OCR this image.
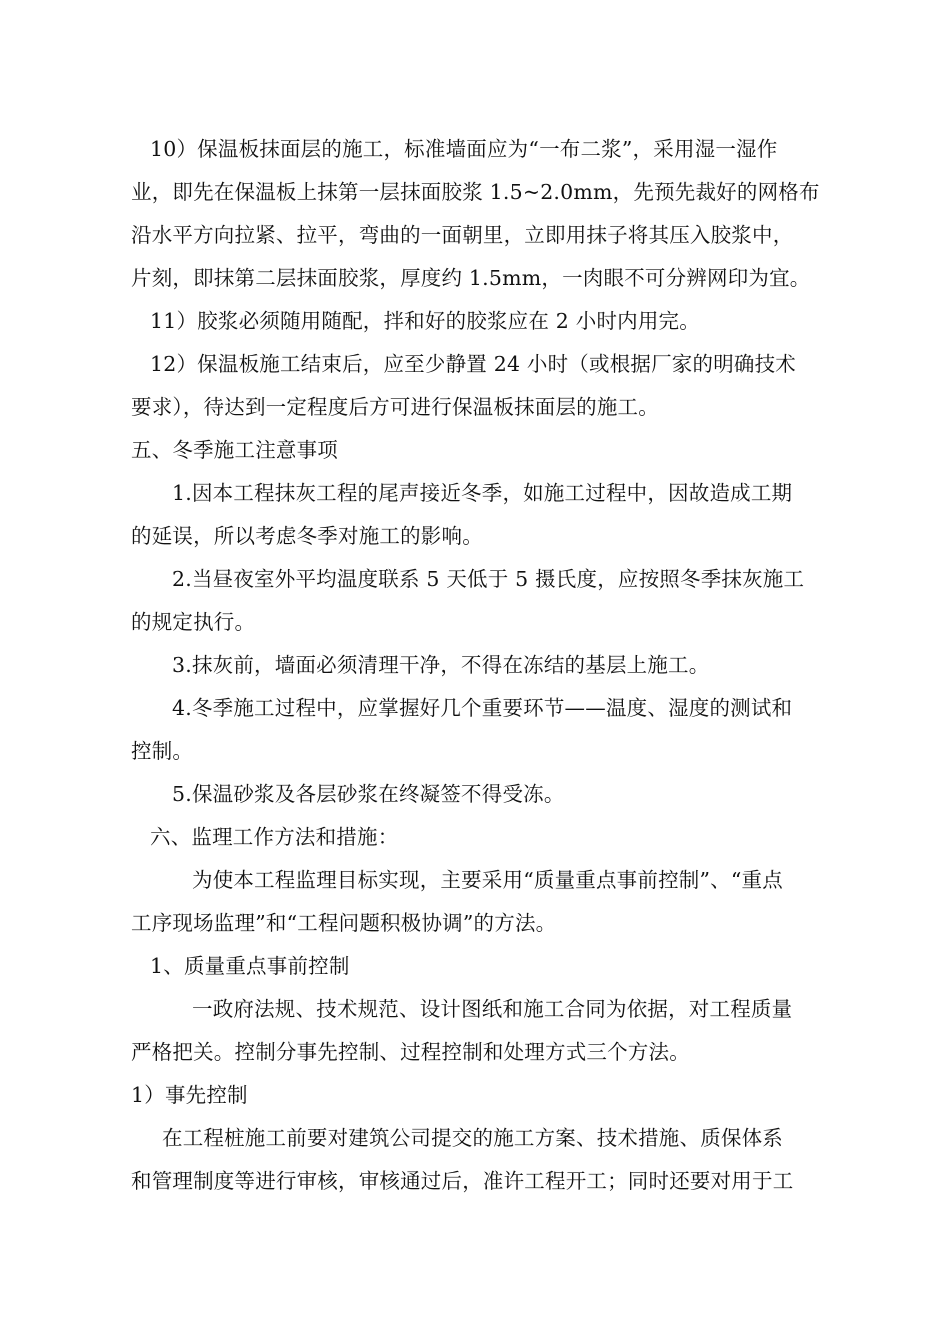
10）保温板抹面层的施工，标准墙面应为“一布二浆”，采用湿一湿作
业，即先在保温板上抹第一层抹面胶浆 1.5~2.0mm，先预先裁好的网格布
沿水平方向拉紧、拉平，弯曲的一面朝里，立即用抹子将其压入胶浆中，
片刻，即抹第二层抹面胶浆，厚度约 1.5mm，一肉眼不可分辨网印为宜。
11）胶浆必须随用随配，拌和好的胶浆应在 2 小时内用完。
12）保温板施工结束后，应至少静置 24 小时（或根据厂家的明确技术
要求），待达到一定程度后方可进行保温板抹面层的施工。
五、冬季施工注意事项
1.因本工程抹灰工程的尾声接近冬季，如施工过程中，因故造成工期
的延误，所以考虑冬季对施工的影响。
2.当昼夜室外平均温度联系 5 天低于 5 摄氏度，应按照冬季抹灰施工
的规定执行。
3.抹灰前，墙面必须清理干净，不得在冻结的基层上施工。
4.冬季施工过程中，应掌握好几个重要环节——温度、湿度的测试和
控制。
5.保温砂浆及各层砂浆在终凝签不得受冻。
六、监理工作方法和措施：
为使本工程监理目标实现，主要采用“质量重点事前控制”、“重点
工序现场监理”和“工程问题积极协调”的方法。
1、质量重点事前控制
一政府法规、技术规范、设计图纸和施工合同为依据，对工程质量
严格把关。控制分事先控制、过程控制和处理方式三个方法。
1）事先控制
在工程桩施工前要对建筑公司提交的施工方案、技术措施、质保体系
和管理制度等进行审核，审核通过后，准许工程开工；同时还要对用于工
